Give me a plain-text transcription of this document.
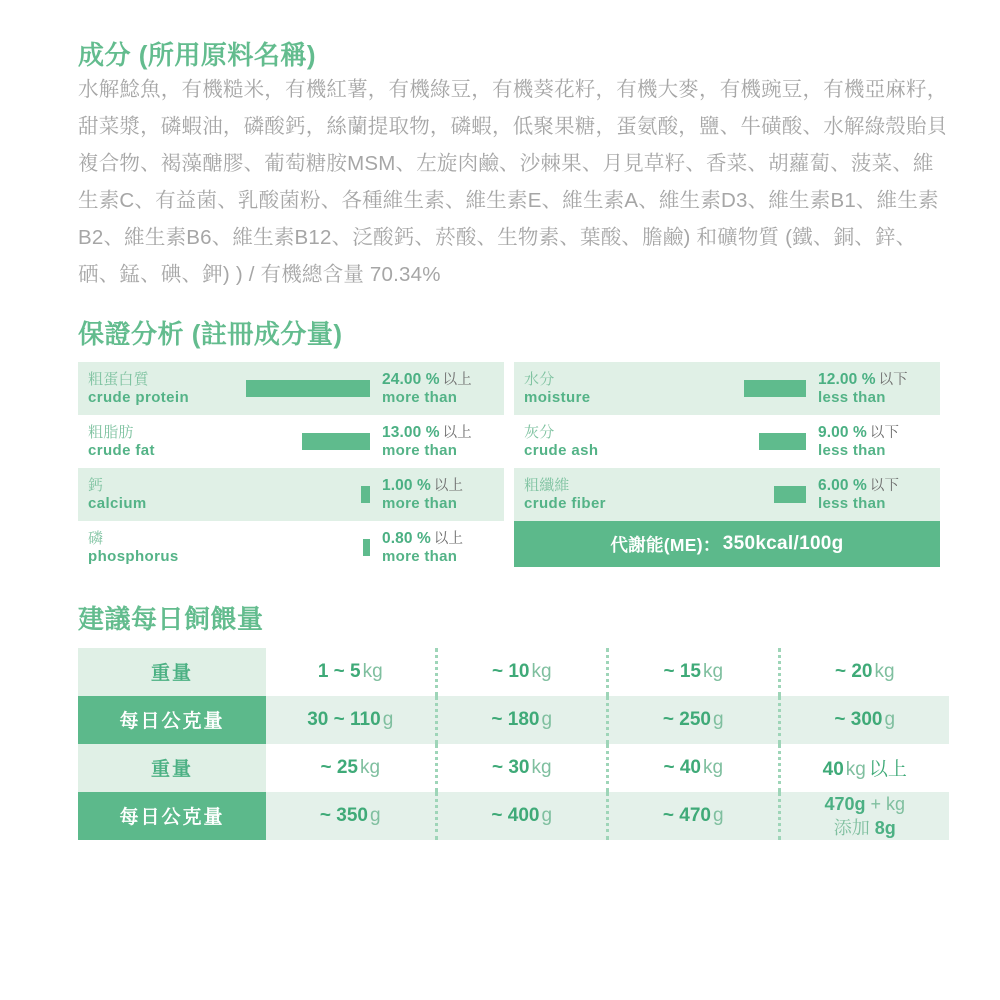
成分 (所用原料名稱)

水解鯰魚，有機糙米，有機紅薯，有機綠豆，有機葵花籽，有機大麥，有機豌豆，有機亞麻籽，甜菜漿，磷蝦油，磷酸鈣，絲蘭提取物，磷蝦，低聚果糖，蛋氨酸，鹽、牛磺酸、水解綠殼貽貝複合物、褐藻醣膠、葡萄糖胺MSM、左旋肉鹼、沙棘果、月見草籽、香菜、胡蘿蔔、菠菜、維生素C、有益菌、乳酸菌粉、各種維生素、維生素E、維生素A、維生素D3、維生素B1、維生素B2、維生素B6、維生素B12、泛酸鈣、菸酸、生物素、葉酸、膽鹼) 和礦物質 (鐵、銅、鋅、硒、錳、碘、鉀) ) / 有機總含量 70.34%

保證分析 (註冊成分量)
粗蛋白質
crude protein
24.00 % 以上
more than
粗脂肪
crude fat
13.00 % 以上
more than
鈣
calcium
1.00 % 以上
more than
磷
phosphorus
0.80 % 以上
more than
水分
moisture
12.00 % 以下
less than
灰分
crude ash
9.00 % 以下
less than
粗纖維
crude fiber
6.00 % 以下
less than
代謝能(ME)： 350kcal/100g
建議每日飼餵量
重量	1 ~ 5 kg	~ 10 kg	~ 15 kg	~ 20 kg
每日公克量	30 ~ 110 g	~ 180 g	~ 250 g	~ 300 g
重量	~ 25 kg	~ 30 kg	~ 40 kg	40 kg 以上
每日公克量	~ 350 g	~ 400 g	~ 470 g	470g + kg
添加 8g
